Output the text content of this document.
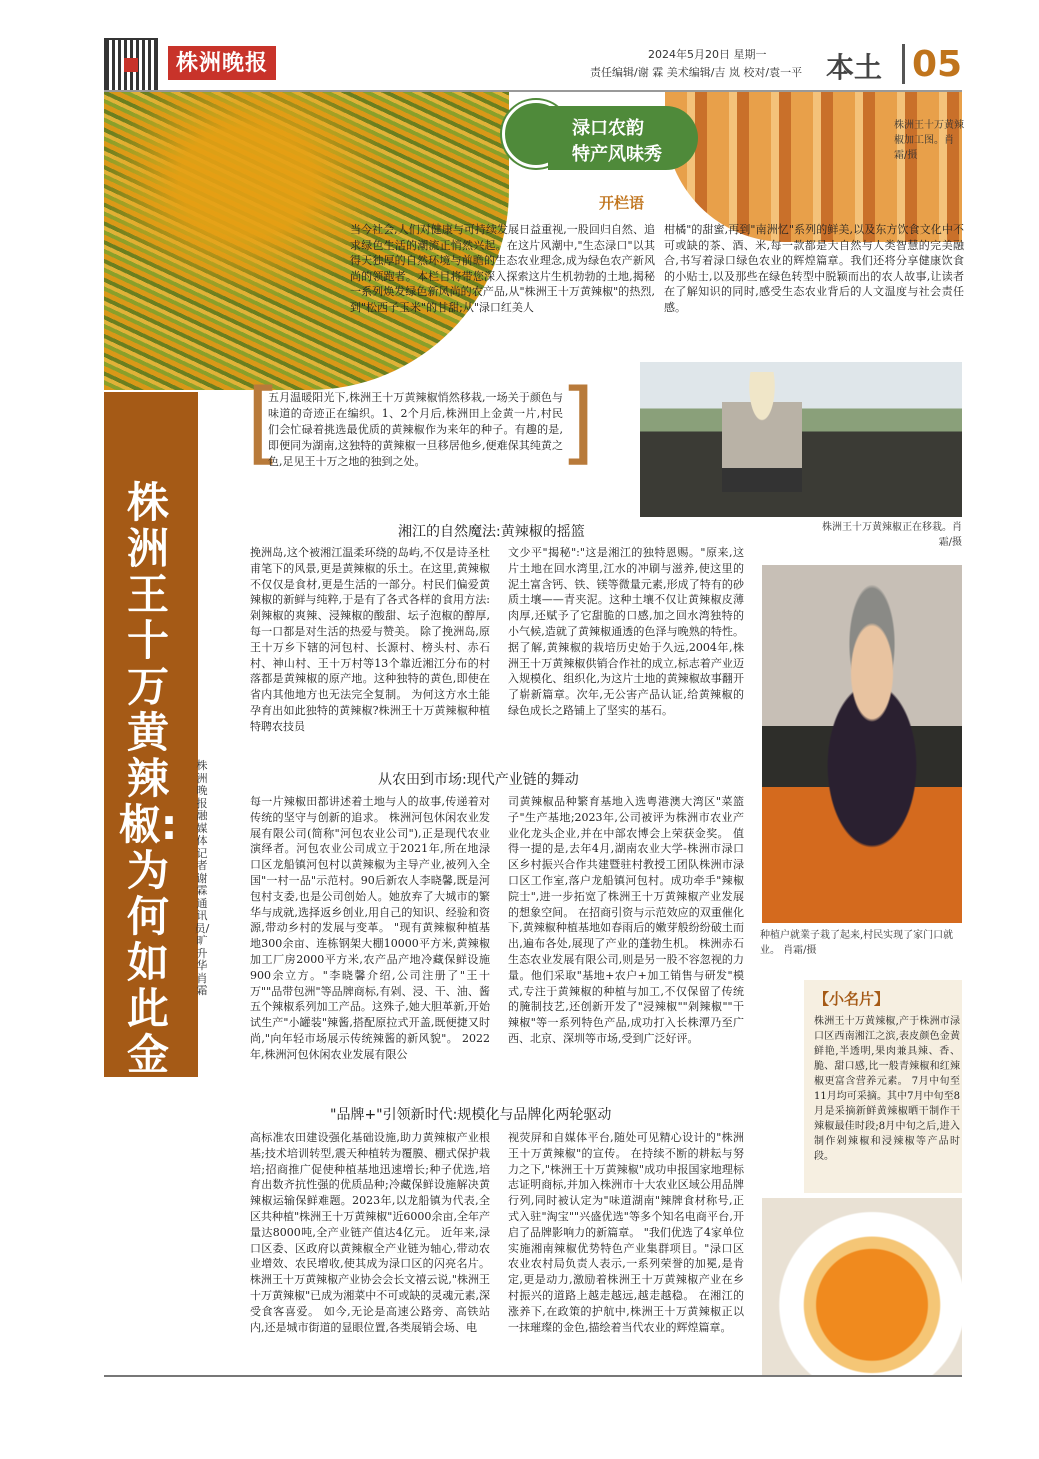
株洲晚报	2024年5月20日 星期一
责任编辑/谢 霖 美术编辑/吉 岚 校对/袁一平 本土 05
渌口农韵
特产风味秀
株洲王十万黄辣椒加工图。肖霜/摄
开栏语
当今社会,人们对健康与可持续发展日益重视,一股回归自然、追求绿色生活的潮流正悄然兴起。在这片风潮中,"生态渌口"以其得天独厚的自然环境与前瞻的生态农业理念,成为绿色农产新风尚的领跑者。本栏目将带您深入探索这片生机勃勃的土地,揭秘一系列焕发绿色新风尚的农产品,从"株洲王十万黄辣椒"的热烈,到"松西子玉米"的甘甜;从"渌口红美人
柑橘"的甜蜜,再到"南洲忆"系列的鲜美,以及东方饮食文化中不可或缺的茶、酒、米,每一款都是大自然与人类智慧的完美融合,书写着渌口绿色农业的辉煌篇章。我们还将分享健康饮食的小贴士,以及那些在绿色转型中脱颖而出的农人故事,让读者在了解知识的同时,感受生态农业背后的人文温度与社会责任感。
株洲王十万黄辣椒:为何如此金黄诱人?
株洲晚报融媒体记者谢霖 通讯员/旷升华 肖霜
[
五月温暖阳光下,株洲王十万黄辣椒悄然移栽,一场关于颜色与味道的奇迹正在编织。1、2个月后,株洲田上金黄一片,村民们会忙碌着挑选最优质的黄辣椒作为来年的种子。有趣的是,即便同为湖南,这独特的黄辣椒一旦移居他乡,便难保其纯黄之色,足见王十万之地的独到之处。	]
株洲王十万黄辣椒正在移栽。肖霜/摄
湘江的自然魔法:黄辣椒的摇篮
挽洲岛,这个被湘江温柔环绕的岛屿,不仅是诗圣杜甫笔下的风景,更是黄辣椒的乐土。在这里,黄辣椒不仅仅是食材,更是生活的一部分。村民们偏爱黄辣椒的新鲜与纯粹,于是有了各式各样的食用方法:剁辣椒的爽辣、浸辣椒的酸甜、坛子泡椒的醇厚,每一口都是对生活的热爱与赞美。 除了挽洲岛,原王十万乡下辖的河包村、长源村、榜头村、赤石村、神山村、王十万村等13个靠近湘江分布的村落都是黄辣椒的原产地。这种独特的黄色,即使在省内其他地方也无法完全复制。 为何这方水土能孕育出如此独特的黄辣椒?株洲王十万黄辣椒种植特聘农技员
文少平"揭秘":"这是湘江的独特恩赐。"原来,这片土地在回水湾里,江水的冲刷与滋养,使这里的泥土富含钙、铁、镁等微量元素,形成了特有的砂质土壤——青夹泥。这种土壤不仅让黄辣椒皮薄肉厚,还赋予了它甜脆的口感,加之回水湾独特的小气候,造就了黄辣椒通透的色泽与晚熟的特性。 据了解,黄辣椒的栽培历史始于久远,2004年,株洲王十万黄辣椒供销合作社的成立,标志着产业迈入规模化、组织化,为这片土地的黄辣椒故事翻开了崭新篇章。次年,无公害产品认证,给黄辣椒的绿色成长之路铺上了坚实的基石。
从农田到市场:现代产业链的舞动
每一片辣椒田都讲述着土地与人的故事,传递着对传统的坚守与创新的追求。 株洲河包休闲农业发展有限公司(简称"河包农业公司"),正是现代农业演绎者。河包农业公司成立于2021年,所在地渌口区龙船镇河包村以黄辣椒为主导产业,被列入全国"一村一品"示范村。90后新农人李晓馨,既是河包村支委,也是公司创始人。她放弃了大城市的繁华与成就,选择返乡创业,用自己的知识、经验和资源,带动乡村的发展与变革。 "现有黄辣椒种植基地300余亩、连栋钢架大棚10000平方米,黄辣椒加工厂房2000平方米,农产品产地冷藏保鲜设施900余立方。"李晓馨介绍,公司注册了"王十万""品带包洲"等品牌商标,有剁、浸、干、油、酱五个辣椒系列加工产品。这殊子,她大胆革新,开始试生产"小罐装"辣酱,搭配原拉式开盖,既便捷又时尚,"向年轻市场展示传统辣酱的新风貌"。 2022年,株洲河包休闲农业发展有限公
司黄辣椒品种繁育基地入选粤港澳大湾区"菜篮子"生产基地;2023年,公司被评为株洲市农业产业化龙头企业,并在中部农博会上荣获金奖。 值得一提的是,去年4月,湖南农业大学-株洲市渌口区乡村振兴合作共建暨驻村教授工团队株洲市渌口区工作室,落户龙船镇河包村。成功牵手"辣椒院士",进一步拓宽了株洲王十万黄辣椒产业发展的想象空间。 在招商引资与示范效应的双重催化下,黄辣椒种植基地如春雨后的嫩芽般纷纷破土而出,遍布各处,展现了产业的蓬勃生机。 株洲赤石生态农业发展有限公司,则是另一股不容忽视的力量。他们采取"基地+农户+加工销售与研发"模式,专注于黄辣椒的种植与加工,不仅保留了传统的腌制技艺,还创新开发了"浸辣椒""剁辣椒""干辣椒"等一系列特色产品,成功打入长株潭乃至广西、北京、深圳等市场,受到广泛好评。
"品牌+"引领新时代:规模化与品牌化两轮驱动
高标准农田建设强化基础设施,助力黄辣椒产业根基;技术培训转型,震天种植转为覆膜、棚式保护栽培;招商推广促使种植基地迅速增长;种子优选,培育出数齐抗性强的优质品种;冷藏保鲜设施解决黄辣椒运输保鲜难题。2023年,以龙船镇为代表,全区共种植"株洲王十万黄辣椒"近6000余亩,全年产量达8000吨,全产业链产值达4亿元。 近年来,渌口区委、区政府以黄辣椒全产业链为轴心,带动农业增效、农民增收,使其成为渌口区的闪亮名片。株洲王十万黄辣椒产业协会会长文禧云说,"株洲王十万黄辣椒"已成为湘菜中不可或缺的灵魂元素,深受食客喜爱。 如今,无论是高速公路旁、高铁站内,还是城市街道的显眼位置,各类展销会场、电
视荧屏和自媒体平台,随处可见精心设计的"株洲王十万黄辣椒"的宣传。 在持续不断的耕耘与努力之下,"株洲王十万黄辣椒"成功申报国家地理标志证明商标,并加入株洲市十大农业区域公用品牌行列,同时被认定为"味道湖南"辣牌食材称号,正式入驻"淘宝""兴盛优选"等多个知名电商平台,开启了品牌影响力的新篇章。 "我们优选了4家单位实施湘南辣椒优势特色产业集群项目。"渌口区农业农村局负责人表示,一系列荣誉的加冕,是肯定,更是动力,激励着株洲王十万黄辣椒产业在乡村振兴的道路上越走越远,越走越稳。 在湘江的涨养下,在政策的护航中,株洲王十万黄辣椒正以一抹璀璨的金色,描绘着当代农业的辉煌篇章。
种植户就業子栽了起来,村民实现了家门口就业。 肖霜/摄
【小名片】
株洲王十万黄辣椒,产于株洲市渌口区西南湘江之滨,表皮颜色金黄鲜艳,半透明,果肉兼具辣、香、脆、甜口感,比一般青辣椒和红辣椒更富含营养元素。 7月中旬至11月均可采摘。其中7月中旬至8月是采摘新鲜黄辣椒晒干制作干辣椒最佳时段;8月中旬之后,进入制作剁辣椒和浸辣椒等产品时段。
